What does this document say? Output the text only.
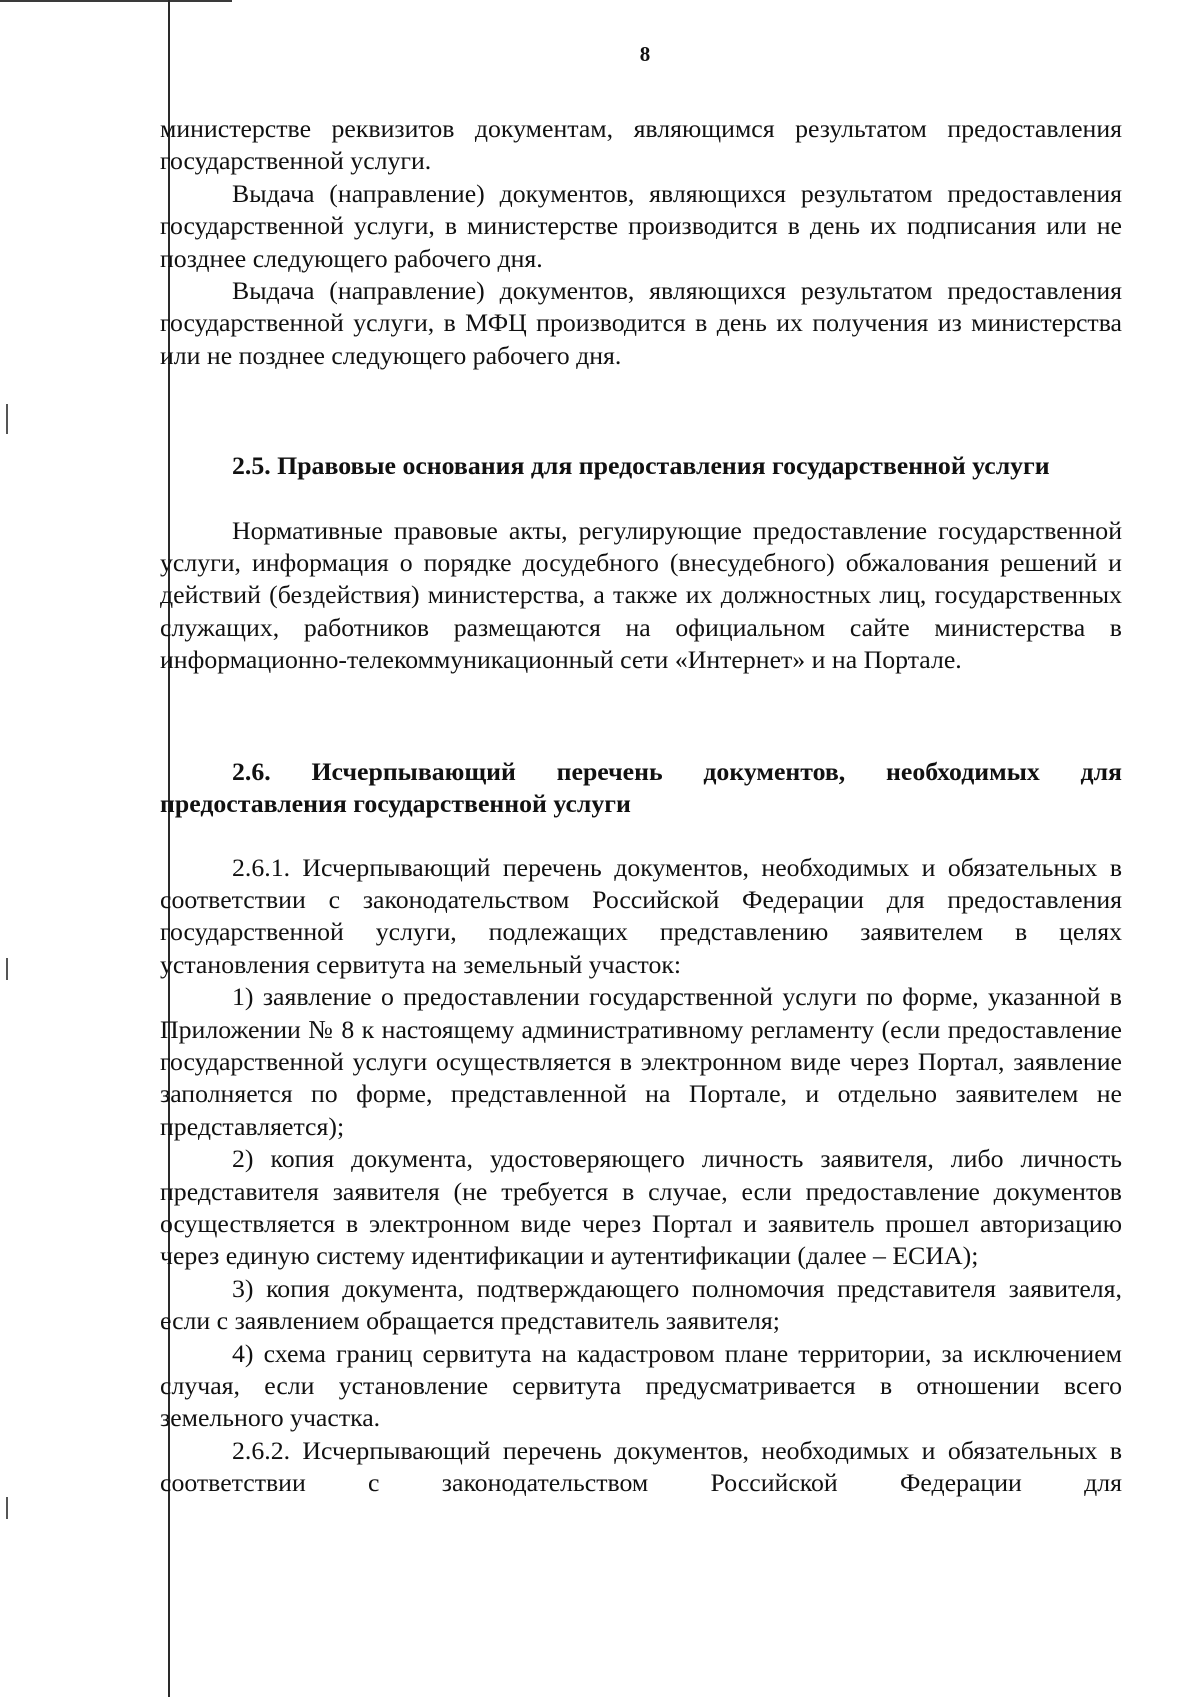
8

министерстве реквизитов документам, являющимся результатом предоставления государственной услуги.

Выдача (направление) документов, являющихся результатом предоставления государственной услуги, в министерстве производится в день их подписания или не позднее следующего рабочего дня.

Выдача (направление) документов, являющихся результатом предоставления государственной услуги, в МФЦ производится в день их получения из министерства или не позднее следующего рабочего дня.

2.5. Правовые основания для предоставления государственной услуги

Нормативные правовые акты, регулирующие предоставление государственной услуги, информация о порядке досудебного (внесудебного) обжалования решений и действий (бездействия) министерства, а также их должностных лиц, государственных служащих, работников размещаются на официальном сайте министерства в информационно-телекоммуникационный сети «Интернет» и на Портале.

2.6. Исчерпывающий перечень документов, необходимых для предоставления государственной услуги

2.6.1. Исчерпывающий перечень документов, необходимых и обязательных в соответствии с законодательством Российской Федерации для предоставления государственной услуги, подлежащих представлению заявителем в целях установления сервитута на земельный участок:

1) заявление о предоставлении государственной услуги по форме, указанной в Приложении № 8 к настоящему административному регламенту (если предоставление государственной услуги осуществляется в электронном виде через Портал, заявление заполняется по форме, представленной на Портале, и отдельно заявителем не представляется);

2) копия документа, удостоверяющего личность заявителя, либо личность представителя заявителя (не требуется в случае, если предоставление документов осуществляется в электронном виде через Портал и заявитель прошел авторизацию через единую систему идентификации и аутентификации (далее – ЕСИА);

3) копия документа, подтверждающего полномочия представителя заявителя, если с заявлением обращается представитель заявителя;

4) схема границ сервитута на кадастровом плане территории, за исключением случая, если установление сервитута предусматривается в отношении всего земельного участка.

2.6.2. Исчерпывающий перечень документов, необходимых и обязательных в соответствии с законодательством Российской Федерации для
